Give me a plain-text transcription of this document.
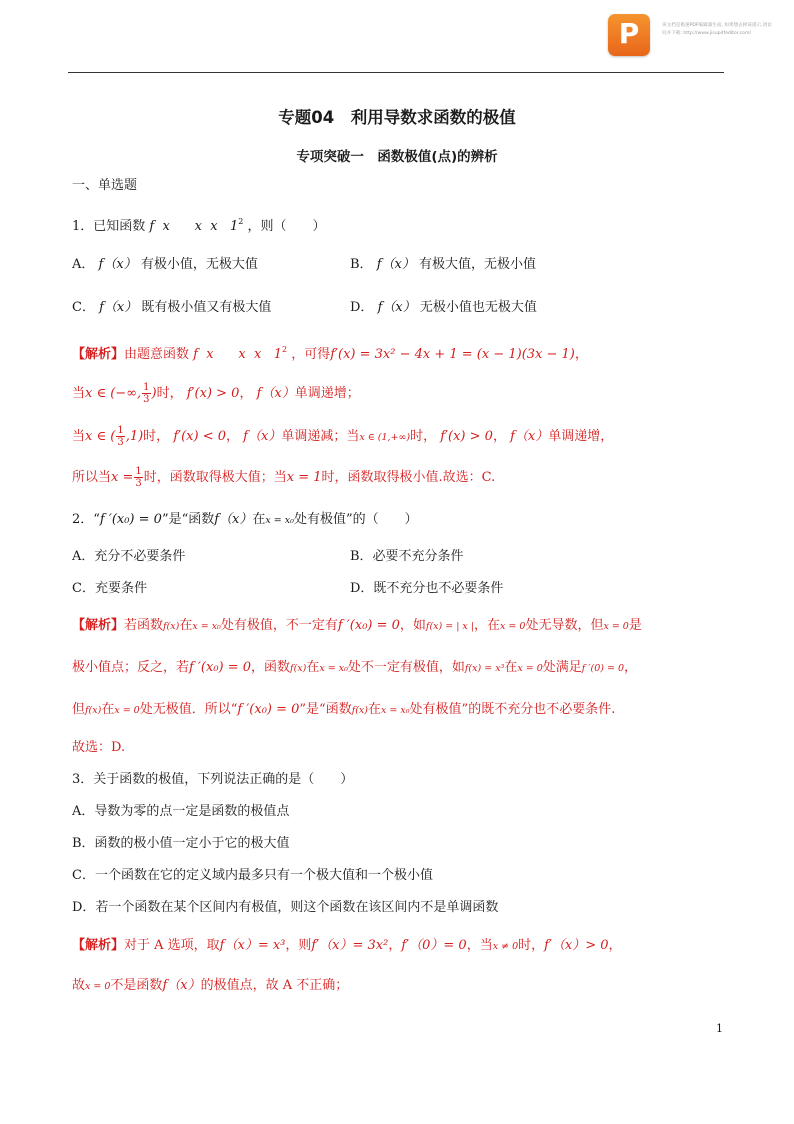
P	该文档是极速PDF编辑器生成, 如果想去掉该提示,请访问并下载: http://www.jisupdfeditor.com/
专题04　利用导数求函数的极值
专项突破一　函数极值(点)的辨析
一、单选题
1．已知函数 f  x      x  x   $1^2$ ，则（　　）
A． f（x） 有极小值，无极大值	B． f（x） 有极大值，无极小值
C． f（x） 既有极小值又有极大值	D． f（x） 无极小值也无极大值
【解析】由题意函数 f  x      x  x   $1^2$ ，可得f′(x) = 3x² − 4x + 1 = (x − 1)(3x − 1)，
当x ∈ (−∞, $\frac{1}{3}$ )时， f′(x) > 0， f（x）单调递增；
当x ∈ ( $\frac{1}{3} ,1$)时， f′(x) < 0， f（x）单调递减；当x ∈ (1,+∞)时， f′(x) > 0， f（x）单调递增，
所以当$x = \frac{1}{3}$ 时，函数取得极大值；当x = 1时，函数取得极小值.故选：C.
2．“f ′(x₀) = 0”是“函数f（x）在x = x₀处有极值”的（　　）
A．充分不必要条件	B．必要不充分条件
C．充要条件	D．既不充分也不必要条件
【解析】若函数f(x)在x = x₀处有极值，不一定有f ′(x₀) = 0，如f(x) = | x |，在x = 0处无导数，但x = 0是
极小值点；反之，若f ′(x₀) = 0，函数f(x)在x = x₀处不一定有极值，如f(x) = x³在x = 0处满足f ′(0) = 0，
但f(x)在x = 0处无极值．所以“f ′(x₀) = 0”是“函数f(x)在x = x₀处有极值”的既不充分也不必要条件.
故选：D.
3．关于函数的极值，下列说法正确的是（　　）
A．导数为零的点一定是函数的极值点
B．函数的极小值一定小于它的极大值
C．一个函数在它的定义域内最多只有一个极大值和一个极小值
D．若一个函数在某个区间内有极值，则这个函数在该区间内不是单调函数
【解析】对于 A 选项，取f（x）= x³，则f′（x）= 3x²，f′（0）= 0，当x ≠ 0时，f′（x）> 0，
故x = 0不是函数f（x）的极值点，故 A 不正确；
1
